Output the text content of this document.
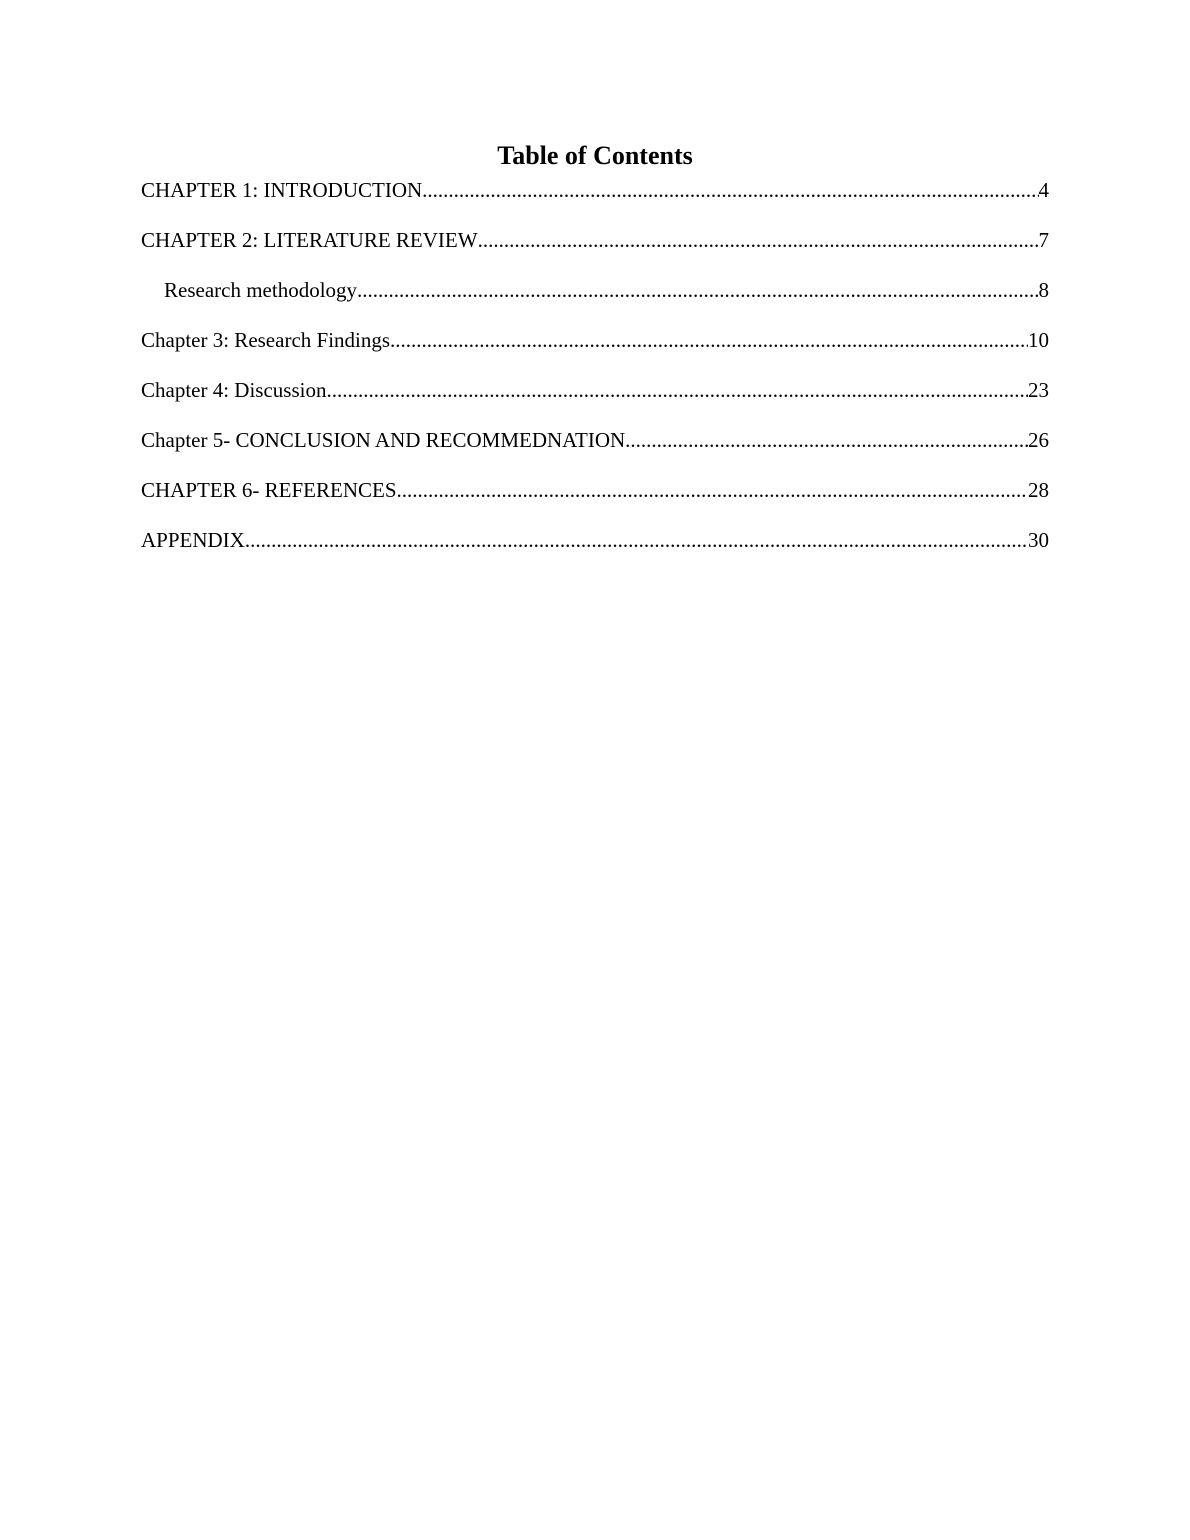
Table of Contents
CHAPTER 1: INTRODUCTION .....	4
CHAPTER 2: LITERATURE REVIEW .....	7
Research methodology .....	8
Chapter 3: Research Findings .....	10
Chapter 4: Discussion .....	23
Chapter 5- CONCLUSION AND RECOMMEDNATION .....	26
CHAPTER 6- REFERENCES .....	28
APPENDIX .....	30
